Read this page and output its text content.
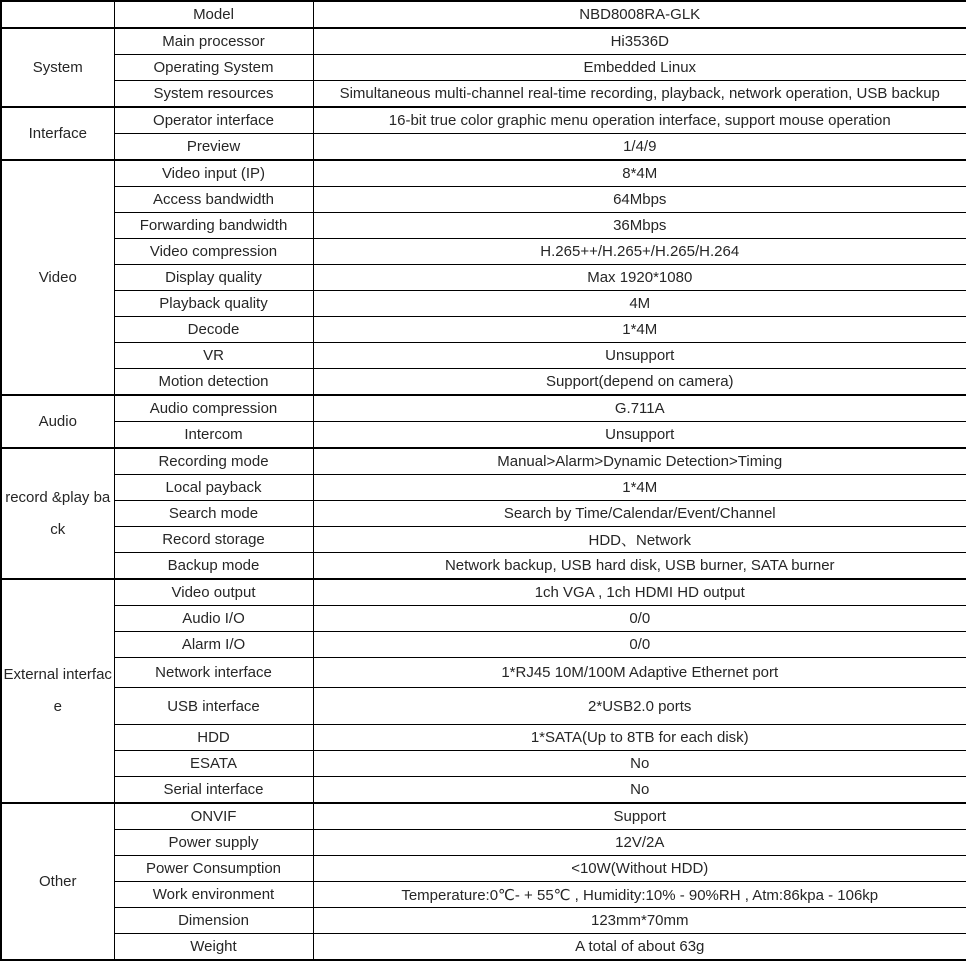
	Model	NBD8008RA-GLK
System	Main processor	Hi3536D
	Operating System	Embedded Linux
	System resources	Simultaneous multi-channel real-time recording, playback, network operation, USB backup
Interface	Operator interface	16-bit true color graphic menu operation interface, support mouse operation
	Preview	1/4/9
Video	Video input (IP)	8*4M
	Access bandwidth	64Mbps
	Forwarding bandwidth	36Mbps
	Video compression	H.265++/H.265+/H.265/H.264
	Display quality	Max 1920*1080
	Playback quality	4M
	Decode	1*4M
	VR	Unsupport
	Motion detection	Support(depend on camera)
Audio	Audio compression	G.711A
	Intercom	Unsupport
record &play back	Recording mode	Manual>Alarm>Dynamic Detection>Timing
	Local payback	1*4M
	Search mode	Search by Time/Calendar/Event/Channel
	Record storage	HDD、Network
	Backup mode	Network backup, USB hard disk, USB burner, SATA burner
External interface	Video output	1ch VGA , 1ch HDMI HD output
	Audio I/O	0/0
	Alarm I/O	0/0
	Network interface	1*RJ45 10M/100M Adaptive Ethernet port
	USB interface	2*USB2.0 ports
	HDD	1*SATA(Up to 8TB for each disk)
	ESATA	No
	Serial interface	No
Other	ONVIF	Support
	Power supply	12V/2A
	Power Consumption	<10W(Without HDD)
	Work environment	Temperature:0℃- + 55℃ , Humidity:10% - 90%RH , Atm:86kpa - 106kp
	Dimension	123mm*70mm
	Weight	A total of about 63g
